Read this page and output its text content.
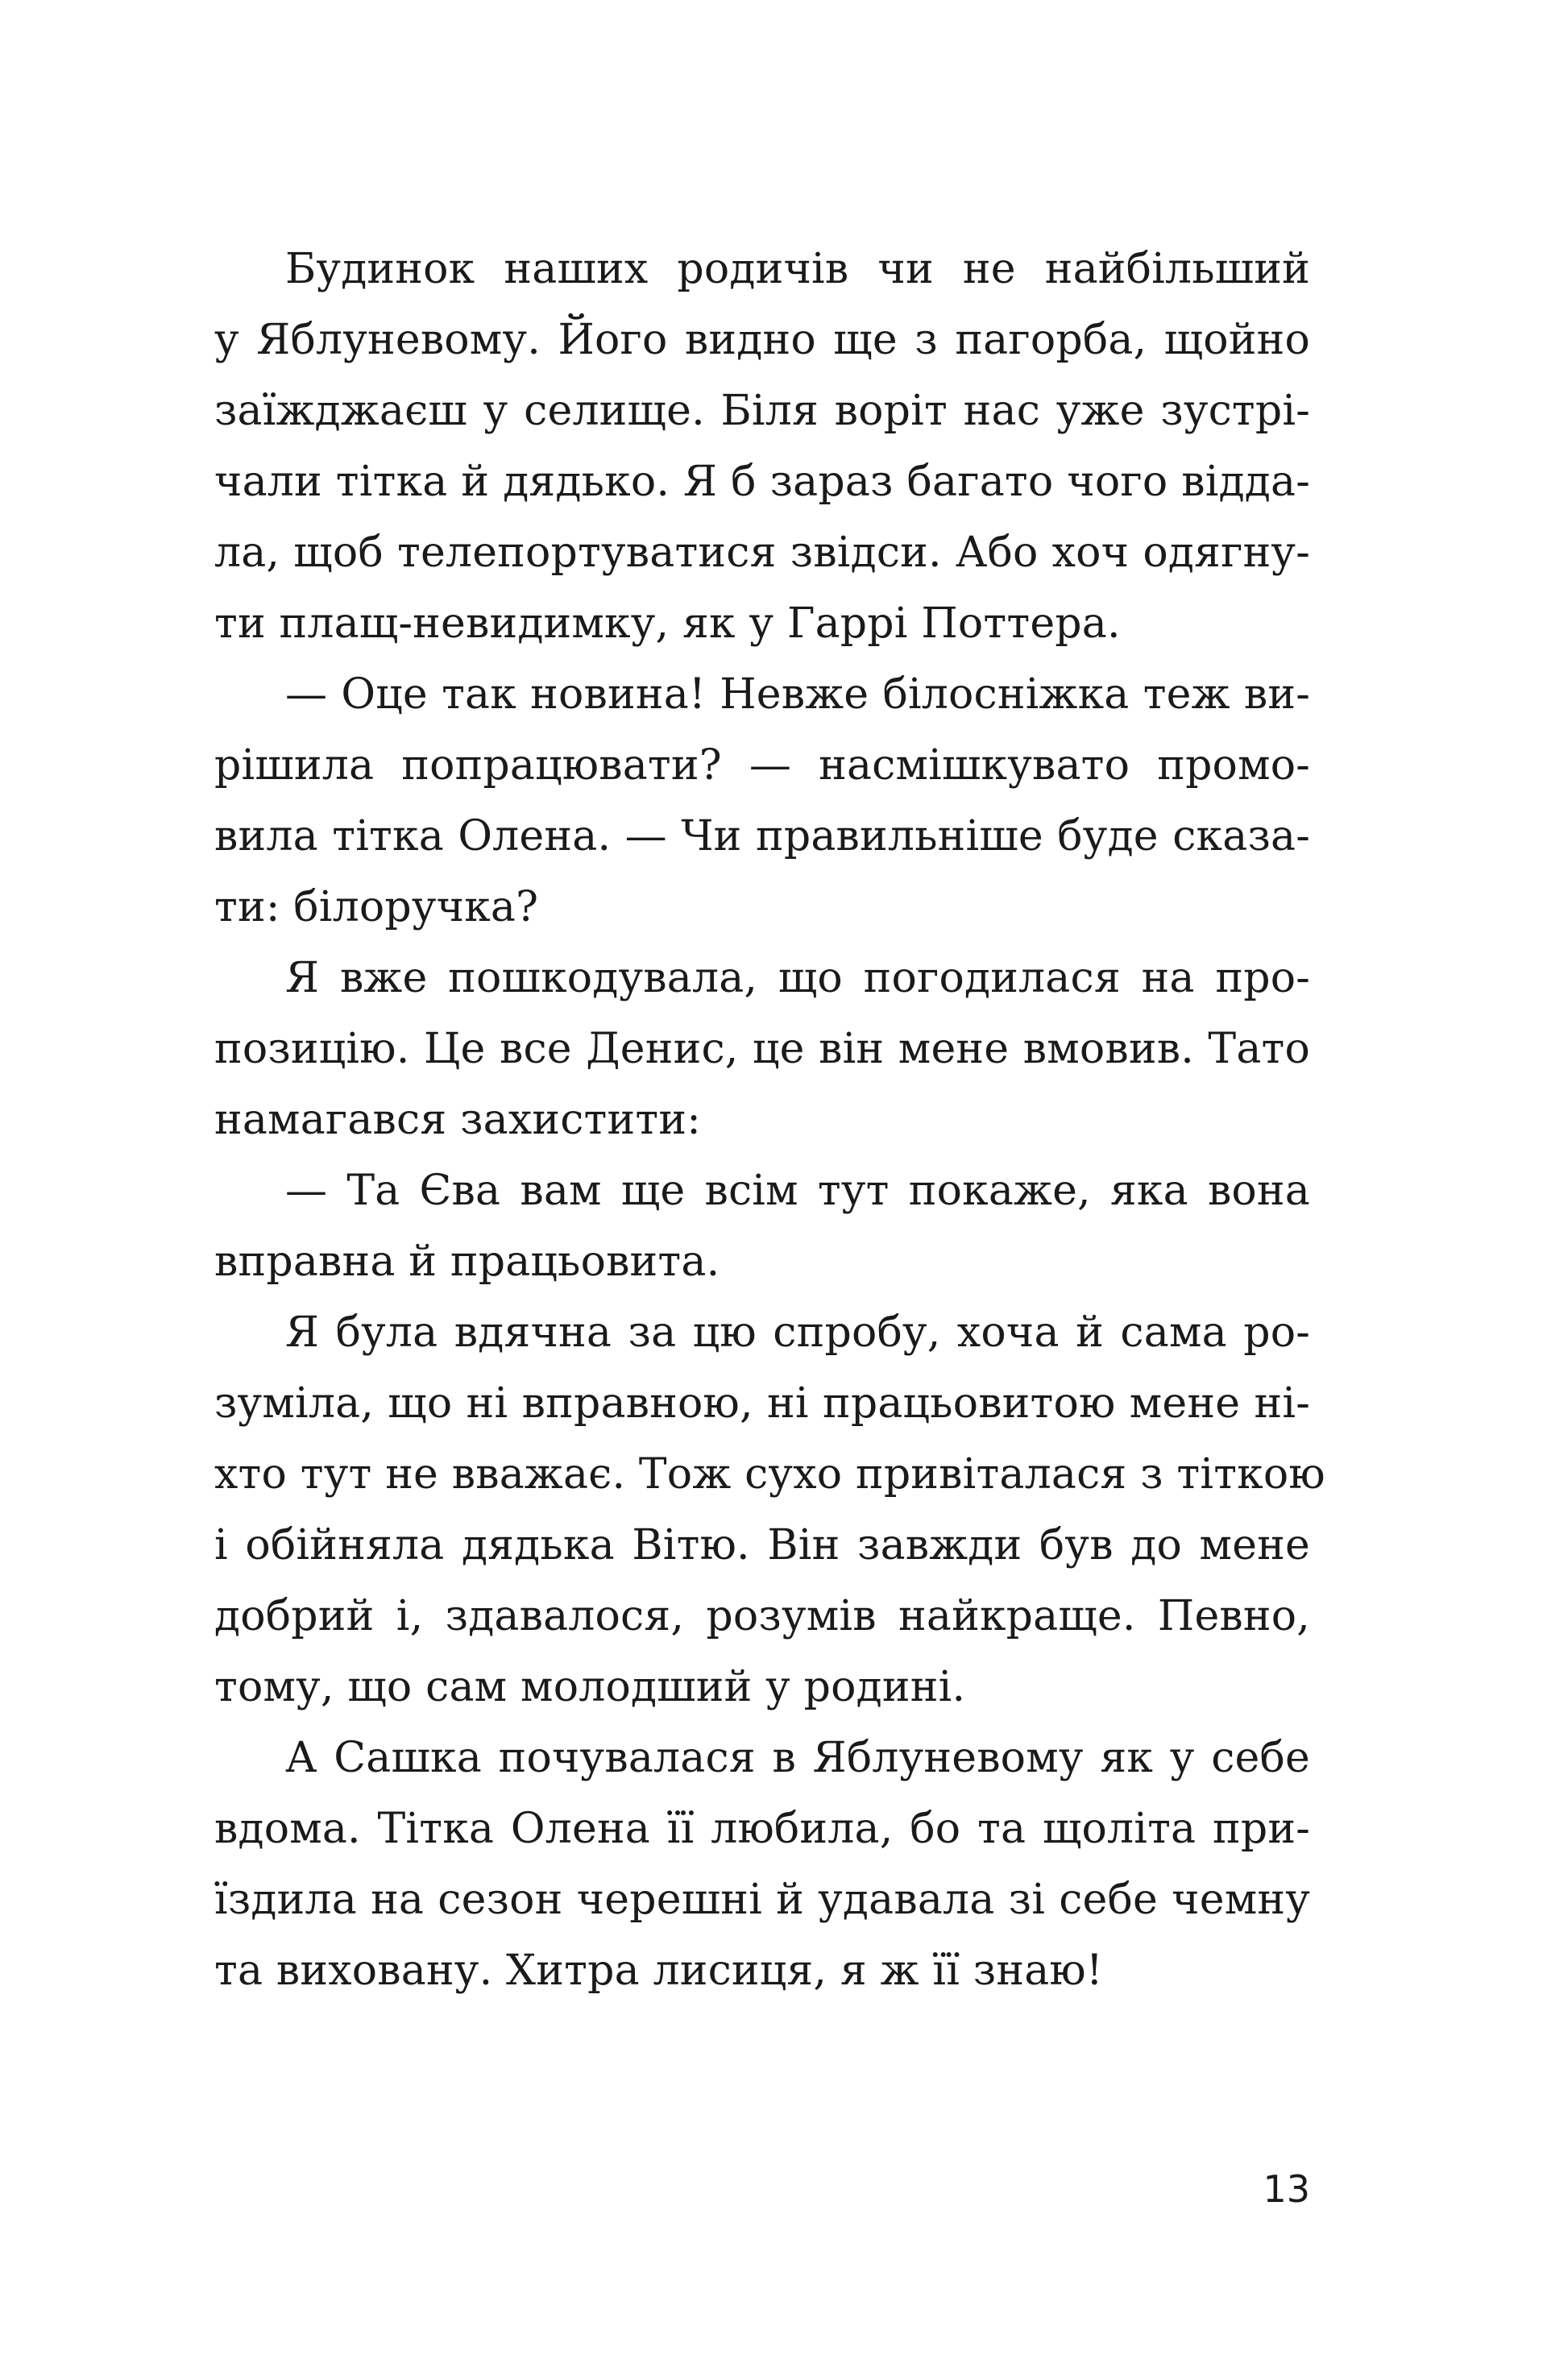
Будинок наших родичів чи не найбільший
у Яблуневому. Його видно ще з пагорба, щойно
заїжджаєш у селище. Біля воріт нас уже зустрі-
чали тітка й дядько. Я б зараз багато чого відда-
ла, щоб телепортуватися звідси. Або хоч одягну-
ти плащ-невидимку, як у Гаррі Поттера.
— Оце так новина! Невже білосніжка теж ви-
рішила попрацювати? — насмішкувато промо-
вила тітка Олена. — Чи правильніше буде сказа-
ти: білоручка?
Я вже пошкодувала, що погодилася на про-
позицію. Це все Денис, це він мене вмовив. Тато
намагався захистити:
— Та Єва вам ще всім тут покаже, яка вона
вправна й працьовита.
Я була вдячна за цю спробу, хоча й сама ро-
зуміла, що ні вправною, ні працьовитою мене ні-
хто тут не вважає. Тож сухо привіталася з тіткою
і обійняла дядька Вітю. Він завжди був до мене
добрий і, здавалося, розумів найкраще. Певно,
тому, що сам молодший у родині.
А Сашка почувалася в Яблуневому як у себе
вдома. Тітка Олена її любила, бо та щоліта при-
їздила на сезон черешні й удавала зі себе чемну
та виховану. Хитра лисиця, я ж її знаю!
13
